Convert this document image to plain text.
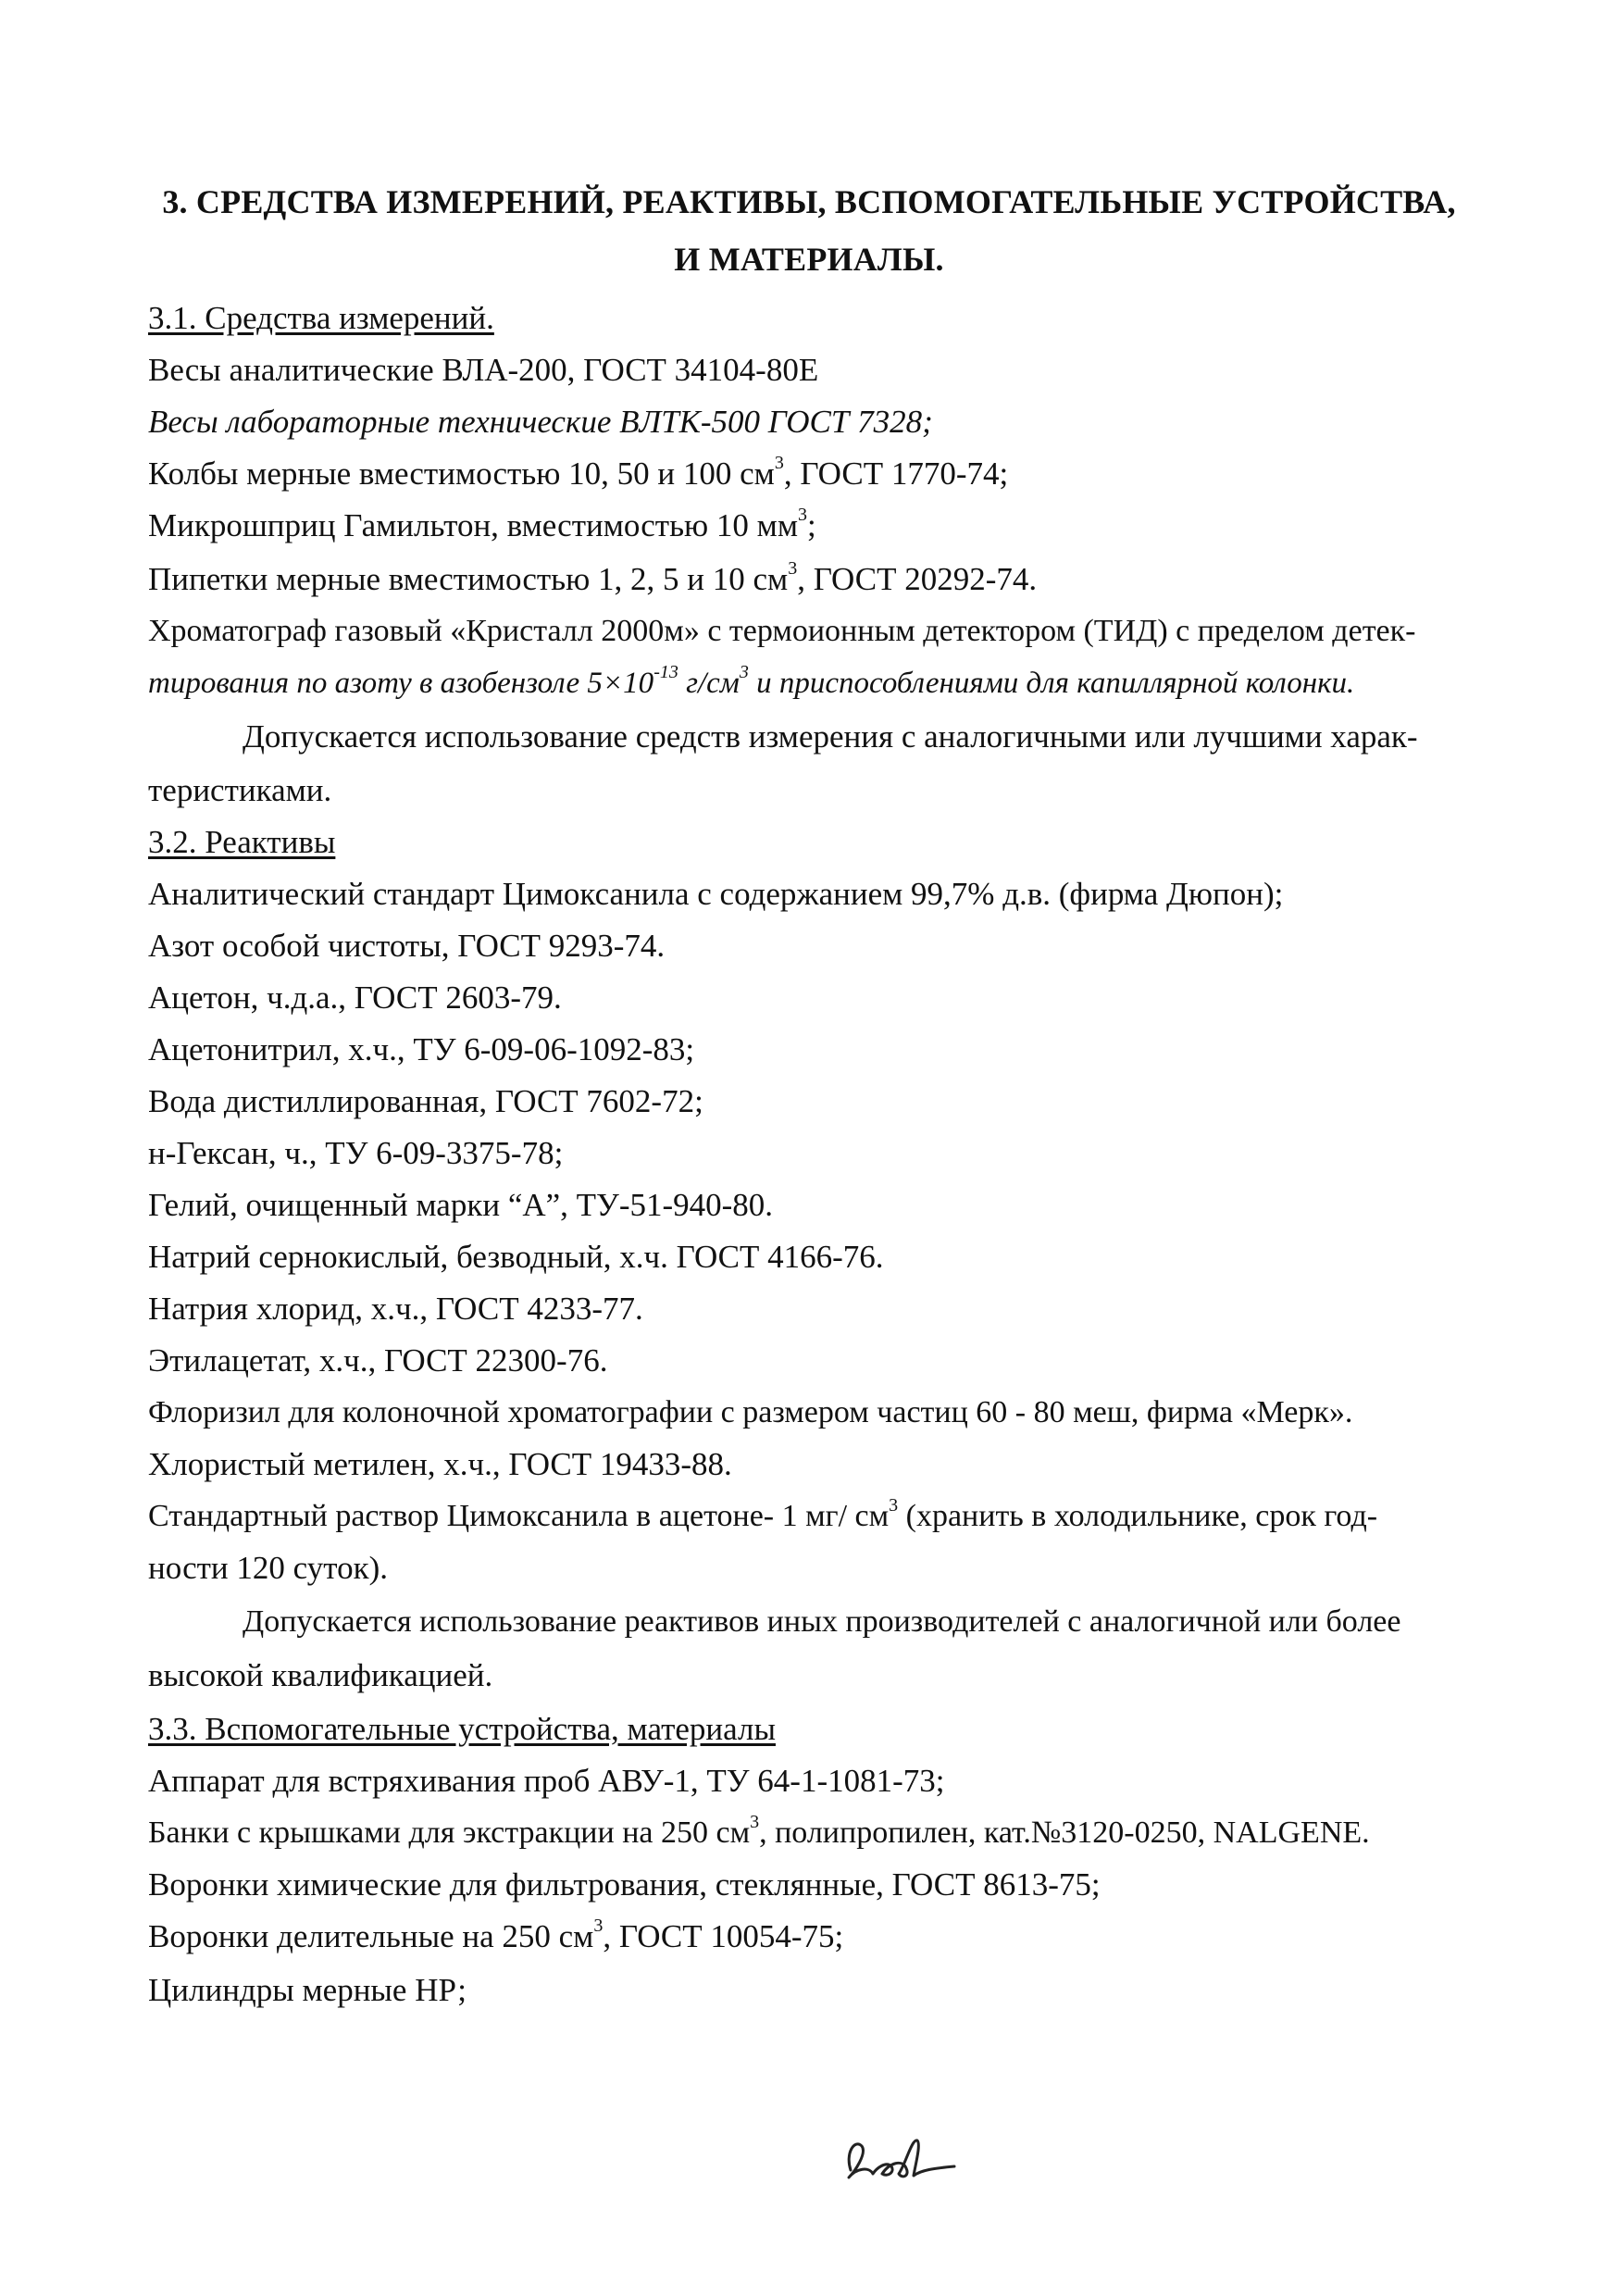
3. СРЕДСТВА ИЗМЕРЕНИЙ, РЕАКТИВЫ, ВСПОМОГАТЕЛЬНЫЕ УСТРОЙСТВА,
И МАТЕРИАЛЫ.
3.1. Средства измерений.
Весы аналитические ВЛА-200, ГОСТ 34104-80Е
Весы лабораторные технические ВЛТК-500 ГОСТ 7328;
Колбы мерные вместимостью 10, 50 и 100 $см^3$, ГОСТ 1770-74;
Микрошприц Гамильтон, вместимостью 10 $мм^3$;
Пипетки мерные вместимостью 1, 2, 5 и 10 $см^3$, ГОСТ 20292-74.
Хроматограф газовый «Кристалл 2000м» с термоионным детектором (ТИД) с пределом детек-
тирования по азоту в азобензоле $5\times 10^{-13}$ $г/см^3$ и приспособлениями для капиллярной колонки.
Допускается использование средств измерения с аналогичными или лучшими харак-
теристиками.
3.2. Реактивы
Аналитический стандарт Цимоксанила с содержанием 99,7% д.в. (фирма Дюпон);
Азот особой чистоты, ГОСТ 9293-74.
Ацетон, ч.д.а., ГОСТ 2603-79.
Ацетонитрил, х.ч., ТУ 6-09-06-1092-83;
Вода дистиллированная, ГОСТ 7602-72;
н-Гексан, ч., ТУ 6-09-3375-78;
Гелий, очищенный марки “А”, ТУ-51-940-80.
Натрий сернокислый, безводный, х.ч. ГОСТ 4166-76.
Натрия хлорид, х.ч., ГОСТ 4233-77.
Этилацетат, х.ч., ГОСТ 22300-76.
Флоризил для колоночной хроматографии с размером частиц 60 - 80 меш, фирма «Мерк».
Хлористый метилен, х.ч., ГОСТ 19433-88.
Стандартный раствор Цимоксанила в ацетоне- 1 мг/ $см^3$ (хранить в холодильнике, срок год-
ности 120 суток).
Допускается использование реактивов иных производителей с аналогичной или более
высокой квалификацией.
3.3. Вспомогательные устройства, материалы
Аппарат для встряхивания проб АВУ-1, ТУ 64-1-1081-73;
Банки с крышками для экстракции на 250 $см^3$, полипропилен, кат.№3120-0250, NALGENE.
Воронки химические для фильтрования, стеклянные, ГОСТ 8613-75;
Воронки делительные на 250 $см^3$, ГОСТ 10054-75;
Цилиндры мерные НР;
